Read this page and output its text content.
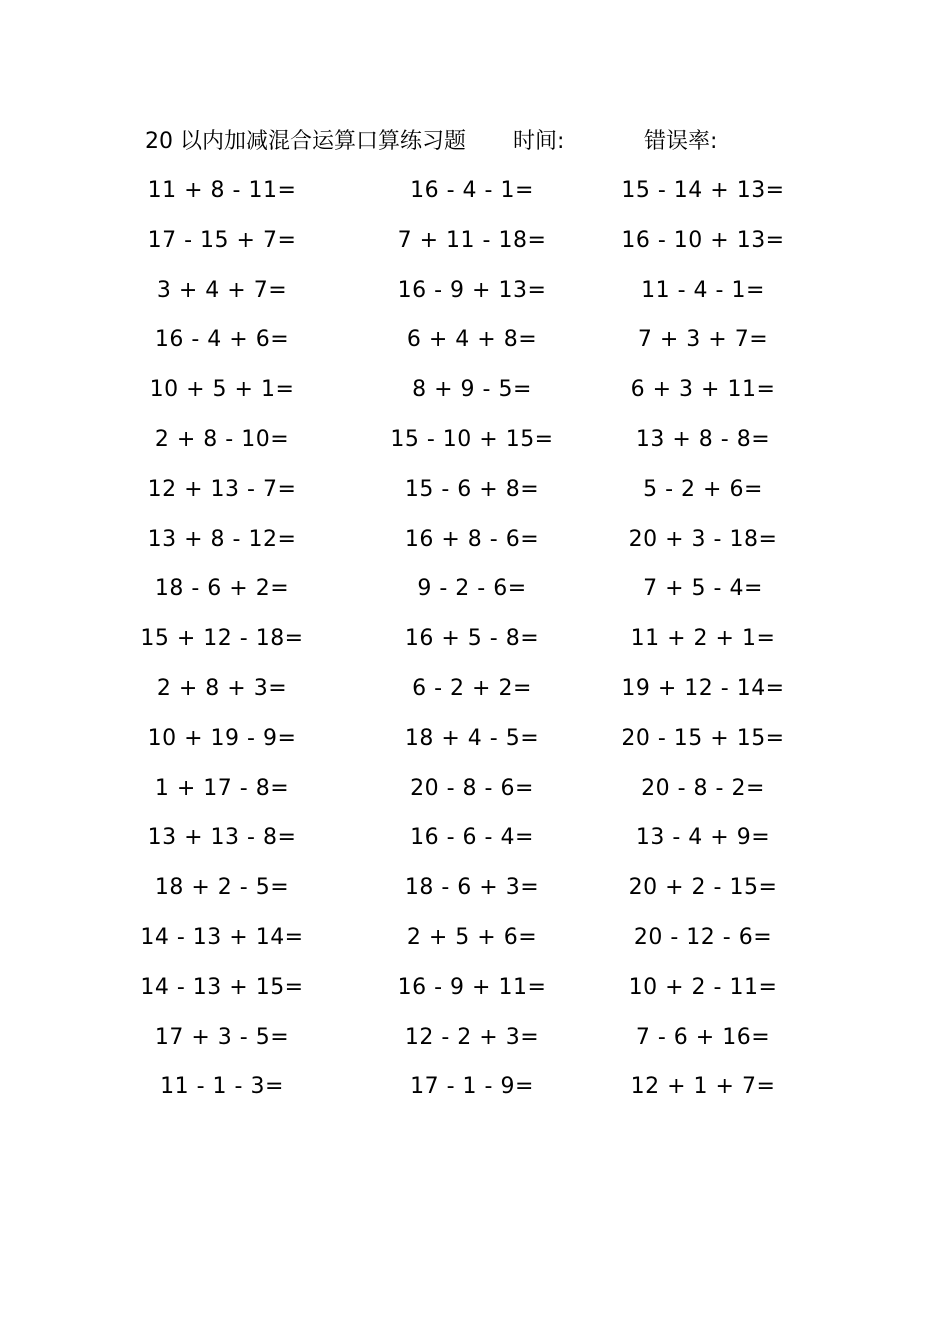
20 以内加减混合运算口算练习题 时间:	错误率:
11 + 8 - 11=	16 - 4 - 1=	15 - 14 + 13=
17 - 15 + 7=	7 + 11 - 18=	16 - 10 + 13=
3 + 4 + 7=	16 - 9 + 13=	11 - 4 - 1=
16 - 4 + 6=	6 + 4 + 8=	7 + 3 + 7=
10 + 5 + 1=	8 + 9 - 5=	6 + 3 + 11=
2 + 8 - 10=	15 - 10 + 15=	13 + 8 - 8=
12 + 13 - 7=	15 - 6 + 8=	5 - 2 + 6=
13 + 8 - 12=	16 + 8 - 6=	20 + 3 - 18=
18 - 6 + 2=	9 - 2 - 6=	7 + 5 - 4=
15 + 12 - 18=	16 + 5 - 8=	11 + 2 + 1=
2 + 8 + 3=	6 - 2 + 2=	19 + 12 - 14=
10 + 19 - 9=	18 + 4 - 5=	20 - 15 + 15=
1 + 17 - 8=	20 - 8 - 6=	20 - 8 - 2=
13 + 13 - 8=	16 - 6 - 4=	13 - 4 + 9=
18 + 2 - 5=	18 - 6 + 3=	20 + 2 - 15=
14 - 13 + 14=	2 + 5 + 6=	20 - 12 - 6=
14 - 13 + 15=	16 - 9 + 11=	10 + 2 - 11=
17 + 3 - 5=	12 - 2 + 3=	7 - 6 + 16=
11 - 1 - 3=	17 - 1 - 9=	12 + 1 + 7=
